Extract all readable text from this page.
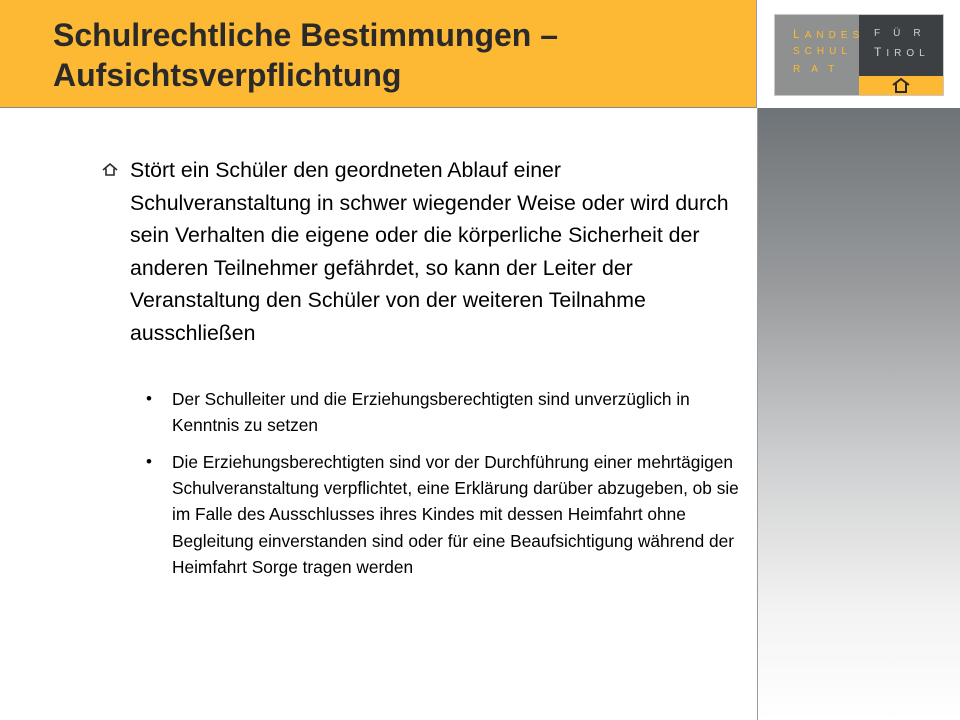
Schulrechtliche Bestimmungen –
Aufsichtsverpflichtung
LANDES
SCHUL
RAT
FÜR
TIROL
Stört ein Schüler den geordneten Ablauf einer Schulveranstaltung in schwer wiegender Weise oder wird durch sein Verhalten die eigene oder die körperliche Sicherheit der anderen Teilnehmer gefährdet, so kann der Leiter der Veranstaltung den Schüler von der weiteren Teilnahme ausschließen
• Der Schulleiter und die Erziehungsberechtigten sind unverzüglich in Kenntnis zu setzen
• Die Erziehungsberechtigten sind vor der Durchführung einer mehrtägigen Schulveranstaltung verpflichtet, eine Erklärung darüber abzugeben, ob sie im Falle des Ausschlusses ihres Kindes mit dessen Heimfahrt ohne Begleitung einverstanden sind oder für eine Beaufsichtigung während der Heimfahrt Sorge tragen werden
